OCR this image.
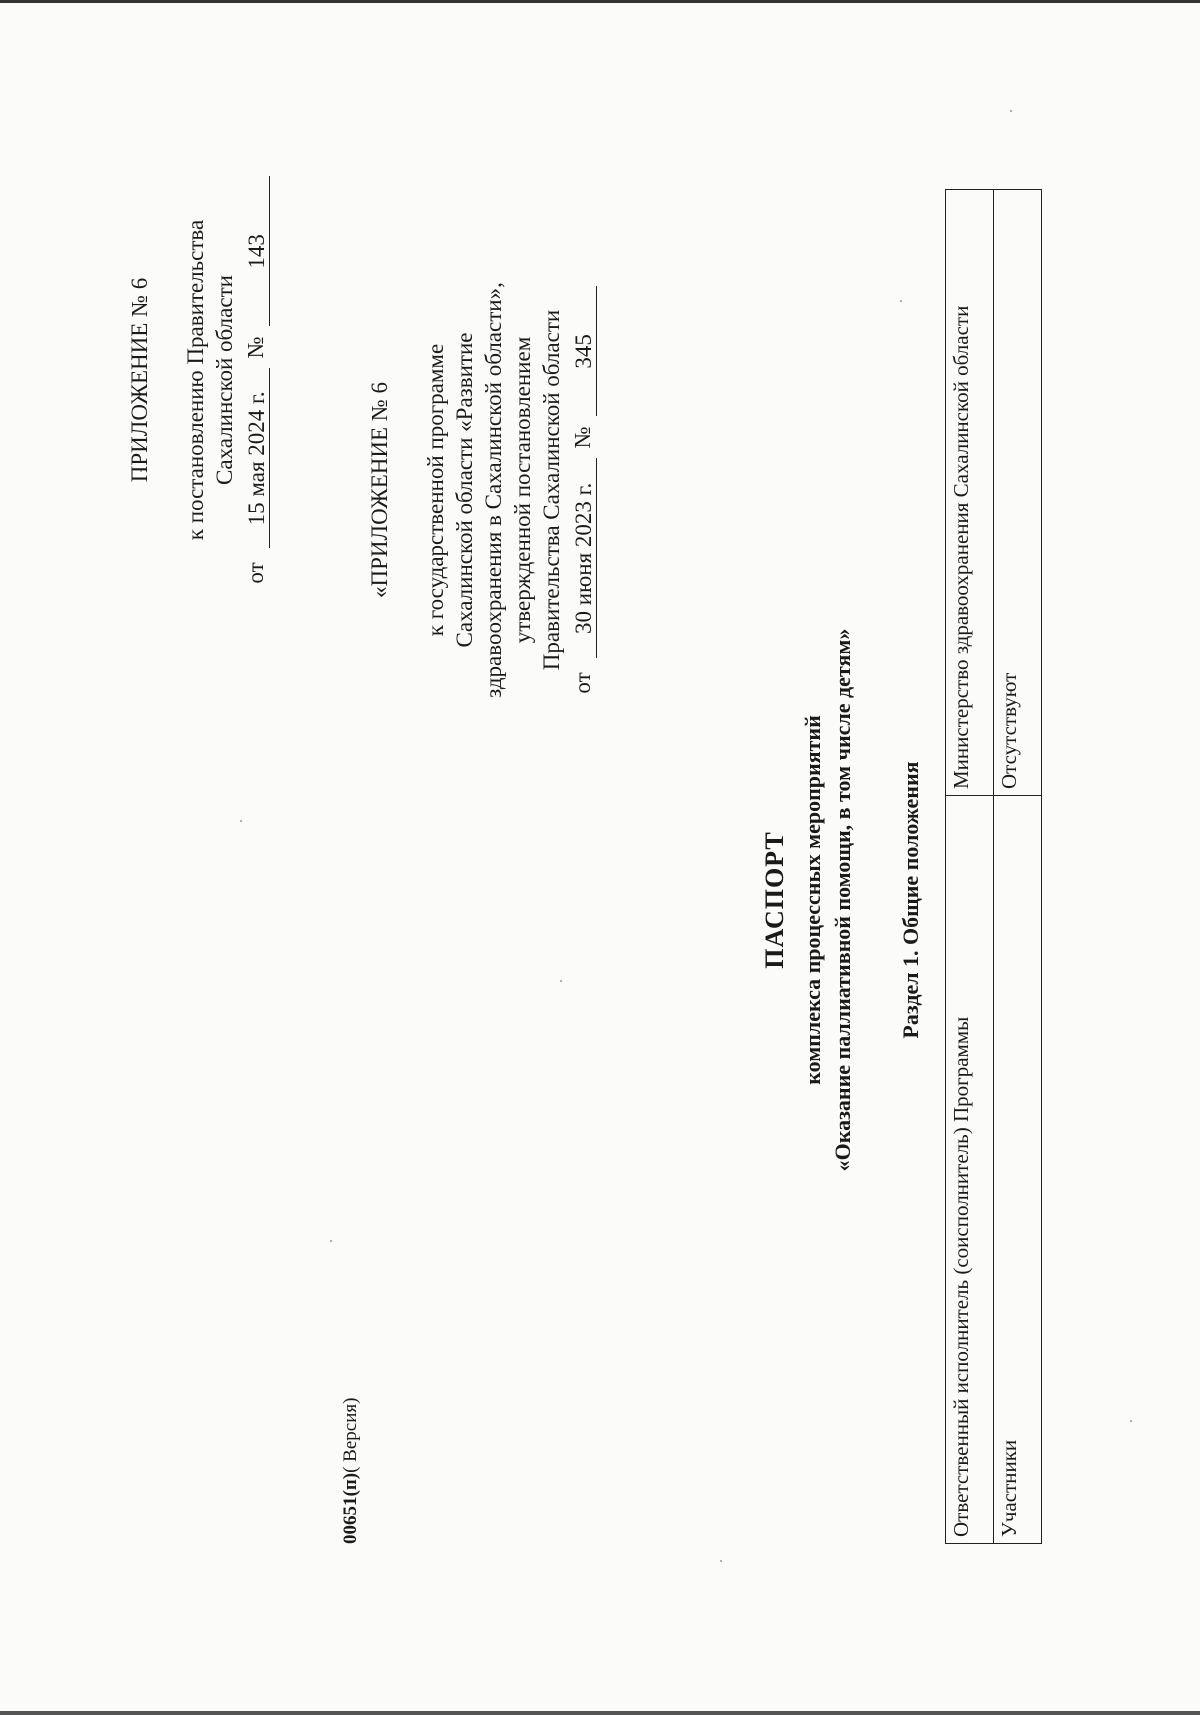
ПРИЛОЖЕНИЕ № 6 к постановлению Правительства Сахалинской области
от
15 мая 2024 г.
№
143
«ПРИЛОЖЕНИЕ № 6 к государственной программе Сахалинской области «Развитие здравоохранения в Сахалинской области», утвержденной постановлением Правительства Сахалинской области
от
30 июня 2023 г.
№
345
ПАСПОРТ комплекса процессных мероприятий «Оказание паллиативной помощи, в том числе детям» Раздел 1. Общие положения
Ответственный исполнитель (соисполнитель) Программы	Министерство здравоохранения Сахалинской области
Участники	Отсутствуют
00651(п)( Версия)
